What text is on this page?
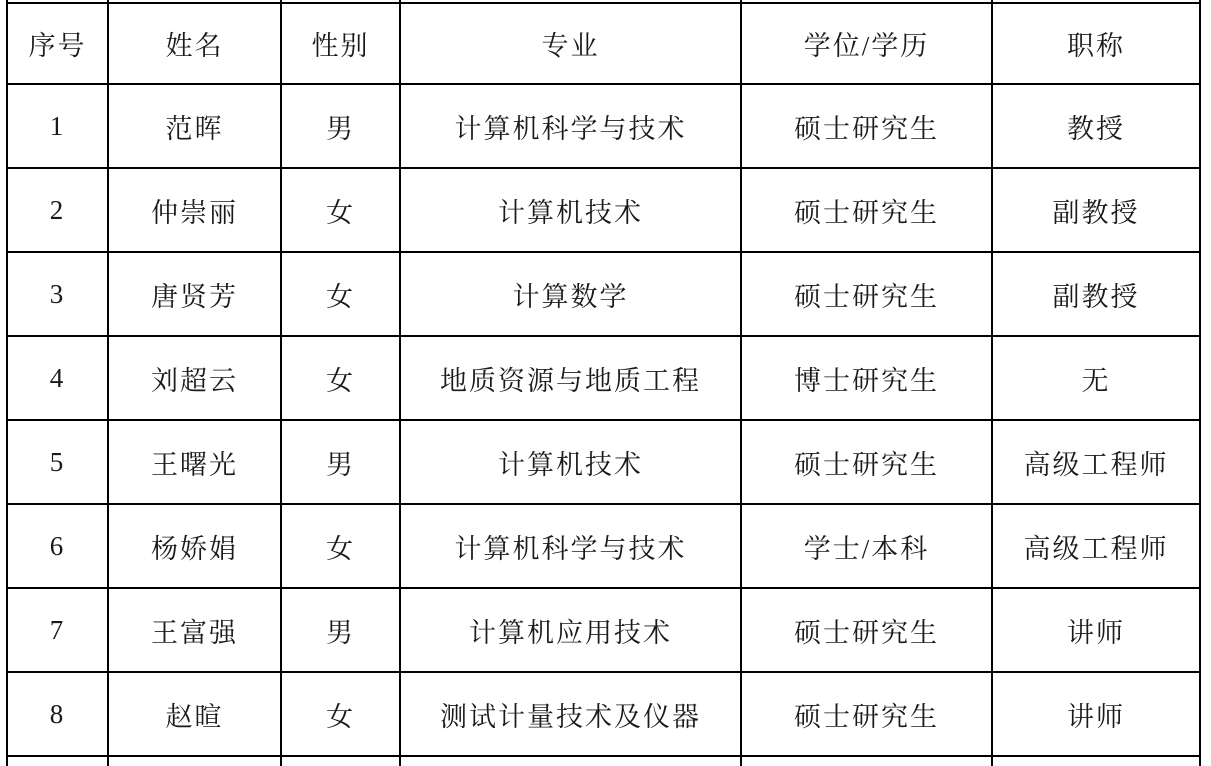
序号	姓名	性别	专业	学位/学历	职称
1	范晖	男	计算机科学与技术	硕士研究生	教授
2	仲崇丽	女	计算机技术	硕士研究生	副教授
3	唐贤芳	女	计算数学	硕士研究生	副教授
4	刘超云	女	地质资源与地质工程	博士研究生	无
5	王曙光	男	计算机技术	硕士研究生	高级工程师
6	杨娇娟	女	计算机科学与技术	学士/本科	高级工程师
7	王富强	男	计算机应用技术	硕士研究生	讲师
8	赵暄	女	测试计量技术及仪器	硕士研究生	讲师
